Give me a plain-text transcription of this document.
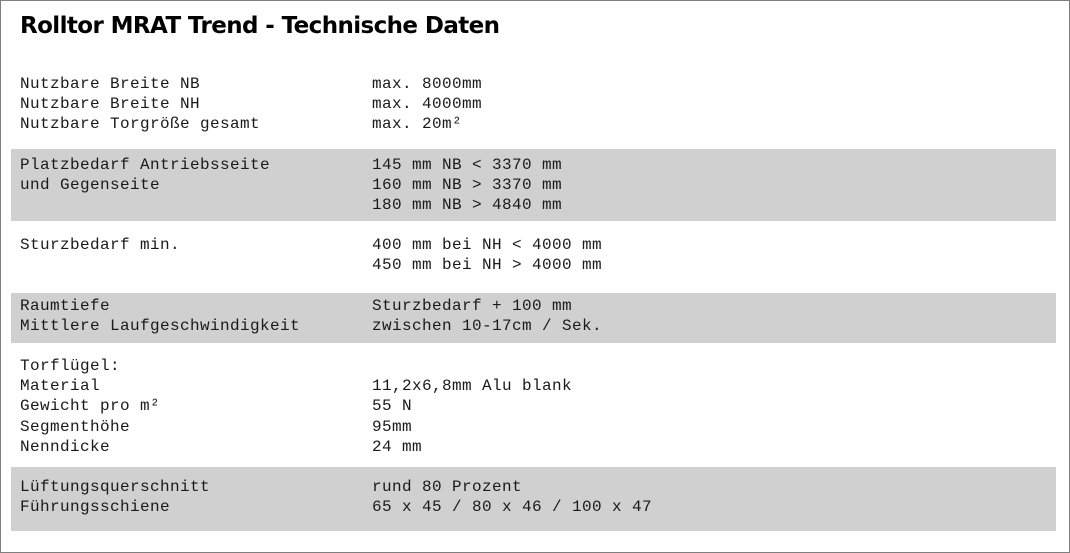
Rolltor MRAT Trend - Technische Daten
Nutzbare Breite NB	max. 8000mm
Nutzbare Breite NH	max. 4000mm
Nutzbare Torgröße gesamt	max. 20m²
Platzbedarf Antriebsseite	145 mm NB < 3370 mm
und Gegenseite	160 mm NB > 3370 mm
180 mm NB > 4840 mm
Sturzbedarf min.	400 mm bei NH < 4000 mm
450 mm bei NH > 4000 mm
Raumtiefe	Sturzbedarf + 100 mm
Mittlere Laufgeschwindigkeit	zwischen 10-17cm / Sek.
Torflügel:
Material	11,2x6,8mm Alu blank
Gewicht pro m²	55 N
Segmenthöhe	95mm
Nenndicke	24 mm
Lüftungsquerschnitt	rund 80 Prozent
Führungsschiene	65 x 45 / 80 x 46 / 100 x 47
